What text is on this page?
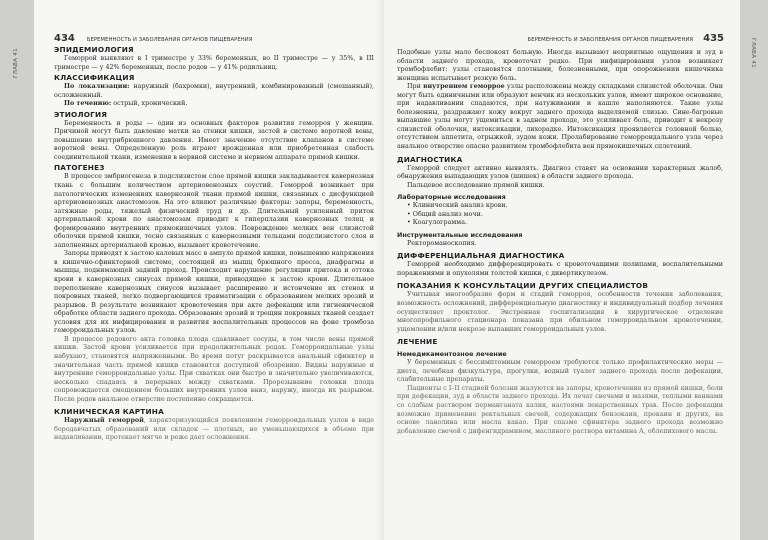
ГЛАВА 41
434 БЕРЕМЕННОСТЬ И ЗАБОЛЕВАНИЯ ОРГАНОВ ПИЩЕВАРЕНИЯ
ЭПИДЕМИОЛОГИЯ

Геморрой выявляют в I триместре у 33% беременных, во II триместре — у 35%, в III триместре — у 42% беременных, после родов — у 41% родильниц.

КЛАССИФИКАЦИЯ

По локализации: наружный (бахромки), внутренний, комбинированный (смешанный), осложненный.

По течению: острый, хронический.

ЭТИОЛОГИЯ

Беременность и роды — один из основных факторов развития геморроя у женщин. Причиной могут быть давление матки на стенки кишки, застой в системе воротной вены, повышение внутрибрюшного давления. Имеет значение отсутствие клапанов в системе воротной вены. Определенную роль играют врожденная или приобретенная слабость соединительной ткани, изменения в нервной системе и нервном аппарате прямой кишки.

ПАТОГЕНЕЗ

В процессе эмбриогенеза в подслизистом слое прямой кишки закладывается кавернозная ткань с большим количеством артериовенозных соустий. Геморрой возникает при патологических изменениях кавернозной ткани прямой кишки, связанных с дисфункцией артериовенозных анастомозов. На это влияют различные факторы: запоры, беременность, затяжные роды, тяжелый физический труд и др. Длительный усиленный приток артериальной крови по анастомозам приводит к гиперплазии кавернозных телец и формированию внутренних прямокишечных узлов. Повреждение мелких вен слизистой оболочки прямой кишки, тесно связанных с кавернозными тельцами подслизистого слоя и заполненных артериальной кровью, вызывает кровотечение.

Запоры приводят к застою каловых масс в ампуле прямой кишки, повышению напряжения в кишечно-сфинктерной системе, состоящей из мышц брюшного пресса, диафрагмы и мышцы, поднимающей задний проход. Происходит нарушение регуляции притока и оттока крови в кавернозных синусах прямой кишки, приводящее к застою крови. Длительное переполнение кавернозных синусов вызывает расширение и истончение их стенок и покровных тканей, легко подвергающихся травматизации с образованием мелких эрозий и разрывов. В результате возникают кровотечения при акте дефекации или гигиенической обработке области заднего прохода. Образование эрозий и трещин покровных тканей создает условия для их инфицирования и развития воспалительных процессов на фоне тромбоза геморроидальных узлов.

В процессе родового акта головка плода сдавливает сосуды, в том числе вены прямой кишки. Застой крови усиливается при продолжительных родах. Геморроидальные узлы набухают, становятся напряженными. Во время потуг раскрывается анальный сфинктер и значительная часть прямой кишки становится доступной обозрению. Видны наружные и внутренние геморроидальные узлы. При схватках они быстро и значительно увеличиваются, несколько спадаясь в перерывах между схватками. Прорезывание головки плода сопровождается смещением больших внутренних узлов вниз, наружу, иногда их разрывом. После родов анальное отверстие постепенно сокращается.

КЛИНИЧЕСКАЯ КАРТИНА

Наружный геморрой, характеризующийся появлением геморроидальных узлов в виде бородавчатых образований или складок — плотных, не уменьшающихся в объеме при надавливании, протекает мягче и реже дает осложнения.

ГЛАВА 41
БЕРЕМЕННОСТЬ И ЗАБОЛЕВАНИЯ ОРГАНОВ ПИЩЕВАРЕНИЯ 435

Подобные узлы мало беспокоят больную. Иногда вызывают неприятные ощущения и зуд в области заднего прохода, кровоточат редко. При инфицировании узлов возникает тромбофлебит: узлы становятся плотными, болезненными, при опорожнении кишечника женщина испытывает резкую боль.

При внутреннем геморрое узлы расположены между складками слизистой оболочки. Они могут быть единичными или образуют венчик из нескольких узлов, имеют широкое основание, при надавливании спадаются, при натуживании и кашле наполняются. Такие узлы болезненны, раздражают кожу вокруг заднего прохода выделяемой слизью. Сине-багровые выпавшие узлы могут ущемиться в заднем проходе, это усиливает боль, приводит к некрозу слизистой оболочки, интоксикации, лихорадке. Интоксикация проявляется головной болью, отсутствием аппетита, отрыжкой, зудом кожи. Пролабирование геморроидального узла через анальное отверстие опасно развитием тромбофлебита вен прямокишечных сплетений.

ДИАГНОСТИКА

Геморрой следует активно выявлять. Диагноз ставят на основании характерных жалоб, обнаружения выпадающих узлов (шишек) в области заднего прохода.

Пальцевое исследование прямой кишки.

Лабораторные исследования
• Клинический анализ крови.
• Общий анализ мочи.
• Коагулограмма.
Инструментальные исследования

Ректороманоскопия.

ДИФФЕРЕНЦИАЛЬНАЯ ДИАГНОСТИКА

Геморрой необходимо дифференцировать с кровоточащими полипами, воспалительными поражениями и опухолями толстой кишки, с дивертикулезом.

ПОКАЗАНИЯ К КОНСУЛЬТАЦИИ ДРУГИХ СПЕЦИАЛИСТОВ

Учитывая многообразие форм и стадий геморроя, особенности течения заболевания, возможность осложнений, дифференциальную диагностику и индивидуальный подбор лечения осуществляет проктолог. Экстренная госпитализация в хирургическое отделение многопрофильного стационара показана при обильном геморроидальном кровотечении, ущемлении и/или некрозе выпавших геморроидальных узлов.

ЛЕЧЕНИЕ
Немедикаментозное лечение

У беременных с бессимптомным геморроем требуются только профилактические меры — диета, лечебная физкультура, прогулки, водный туалет заднего прохода после дефекации, слабительные препараты.

Пациенты с I–II стадией болезни жалуются на запоры, кровотечения из прямой кишки, боли при дефекации, зуд в области заднего прохода. Их лечат свечами и мазями, теплыми ваннами со слабым раствором перманганата калия, настоями лекарственных трав. После дефекации возможно применение ректальных свечей, содержащих бензокаин, прокаин и других, на основе ланолина или масла какао. При спазме сфинктера заднего прохода возможно добавление свечей с дифенгидрамином, масляного раствора витамина А, облепихового масла.
